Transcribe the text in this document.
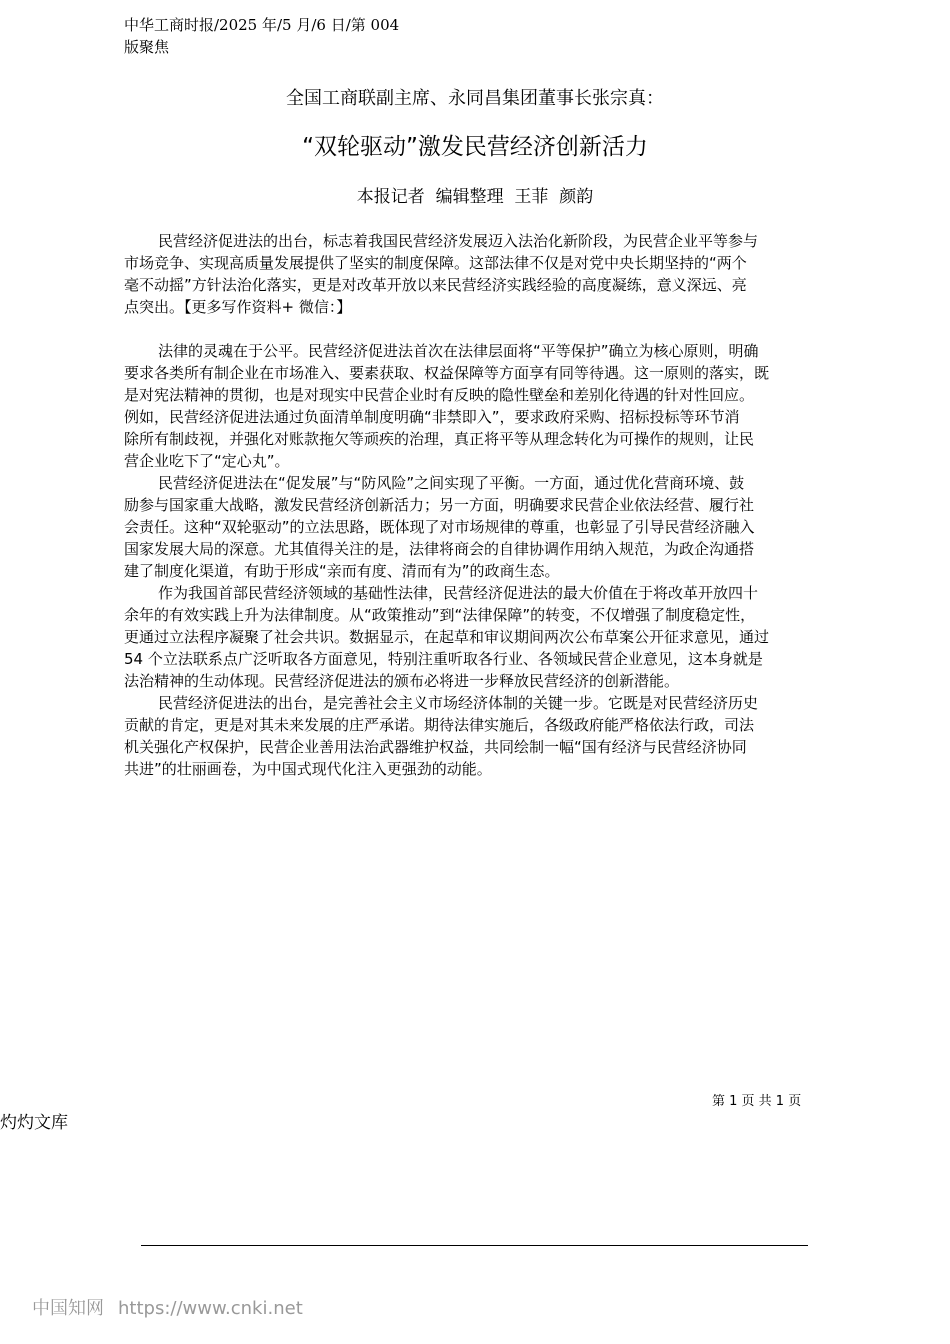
中华工商时报/2025 年/5 月/6 日/第 004
版聚焦
全国工商联副主席、永同昌集团董事长张宗真：
“双轮驱动”激发民营经济创新活力
本报记者  编辑整理  王菲  颜韵
民营经济促进法的出台，标志着我国民营经济发展迈入法治化新阶段，为民营企业平等参与
市场竞争、实现高质量发展提供了坚实的制度保障。这部法律不仅是对党中央长期坚持的“两个
毫不动摇”方针法治化落实，更是对改革开放以来民营经济实践经验的高度凝练，意义深远、亮
点突出。【更多写作资料+ 微信：】
法律的灵魂在于公平。民营经济促进法首次在法律层面将“平等保护”确立为核心原则，明确
要求各类所有制企业在市场准入、要素获取、权益保障等方面享有同等待遇。这一原则的落实，既
是对宪法精神的贯彻，也是对现实中民营企业时有反映的隐性壁垒和差别化待遇的针对性回应。
例如，民营经济促进法通过负面清单制度明确“非禁即入”，要求政府采购、招标投标等环节消
除所有制歧视，并强化对账款拖欠等顽疾的治理，真正将平等从理念转化为可操作的规则，让民
营企业吃下了“定心丸”。
民营经济促进法在“促发展”与“防风险”之间实现了平衡。一方面，通过优化营商环境、鼓
励参与国家重大战略，激发民营经济创新活力；另一方面，明确要求民营企业依法经营、履行社
会责任。这种“双轮驱动”的立法思路，既体现了对市场规律的尊重，也彰显了引导民营经济融入
国家发展大局的深意。尤其值得关注的是，法律将商会的自律协调作用纳入规范，为政企沟通搭
建了制度化渠道，有助于形成“亲而有度、清而有为”的政商生态。
作为我国首部民营经济领域的基础性法律，民营经济促进法的最大价值在于将改革开放四十
余年的有效实践上升为法律制度。从“政策推动”到“法律保障”的转变，不仅增强了制度稳定性，
更通过立法程序凝聚了社会共识。数据显示，在起草和审议期间两次公布草案公开征求意见，通过
54 个立法联系点广泛听取各方面意见，特别注重听取各行业、各领域民营企业意见，这本身就是
法治精神的生动体现。民营经济促进法的颁布必将进一步释放民营经济的创新潜能。
民营经济促进法的出台，是完善社会主义市场经济体制的关键一步。它既是对民营经济历史
贡献的肯定，更是对其未来发展的庄严承诺。期待法律实施后，各级政府能严格依法行政，司法
机关强化产权保护，民营企业善用法治武器维护权益，共同绘制一幅“国有经济与民营经济协同
共进”的壮丽画卷，为中国式现代化注入更强劲的动能。
第 1 页 共 1 页
灼灼文库
中国知网 https://www.cnki.net
